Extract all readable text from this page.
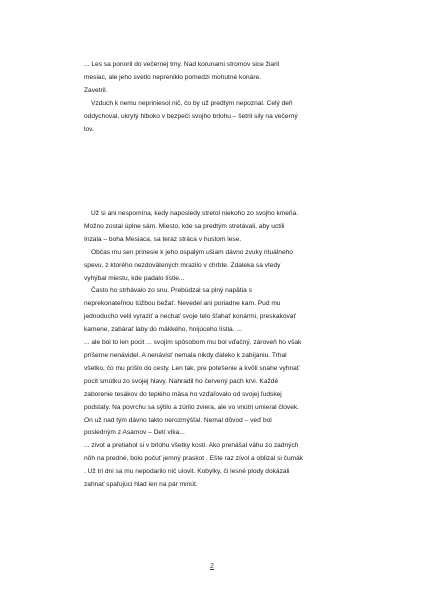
... Les sa ponoril do večernej tmy. Nad korunami stromov sice žiaril
mesiac, ale jeho svetlo neprenikło pomedzi mohutné konáre.
Zavetril.
Vzduch k nemu nepriniesol nič, čo by už predtým nepoznal. Celý deň
oddychoval, ukrytý hlboko v bezpečí svojho brlohu – šetril sily na večerný
lov.
Už si ani nespomína, kedy naposledy stretol niekoho zo svojho kmeňa.
Možno zostal úplne sám. Miesto, kde sa predtým stretávali, aby uctili
Inzala – boha Mesiaca, sa teraz stráca v hustom lese.
Občas mu sen prinesie k jeho ospalým ušiam dávno zvuky rituálneho
spevu, z ktorého nezdovätených mrazilo v chrbte. Zdaleka sa vtedy
vyhýbal miestu, kde padalo lístie...
Často ho strhávalo zo snu. Prebúdzal sa plný napätia s
neprekonateľnou túžbou bežať. Nevedel ani poriadne kam. Pud mu
jednoducho velil vyraziť a nechať svoje telo šľahať konármi, preskakovať
kamene, zabárať laby do mäkkého, hnijúceho lístia. ...
... ale bol to len pocit ... svojím spôsobom mu bol vďačný, zároveň ho však
príšerne nenávidel. A nenávisť nemala nikdy ďaleko k zabíjaniu. Trhal
všetko, čo mu prišlo do cesty. Len tak, pre potešenie a kvôli snahe vyhnať
pocit smútku zo svojej hlavy. Nahradil ho červený pach krvi. Každé
zaborenie tesákov do teplého mäsa ho vzďaľovalo od svojej ľudskej
podstaty. Na povrchu sa sýtilo a zúrilo zviera, ale vo vnútri umieral človek.
On už nad tým dávno takto nerozmýšľal. Nemal dôvod – veď bol
posledným z Asamov – Detí vlka...
... zivot a pretiahol si v brlohu všetky kosti. Ako prenášal váhu zo zadných
nôh na predné, bolo počuť jemný praskot . Ešte raz zívol a oblizal si čumák
. Už tri dni sa mu nepodarilo nič ulovit. Kobylky, či lesné plody dokázali
zahnať spaľujúci hlad len na pár minút.
2
